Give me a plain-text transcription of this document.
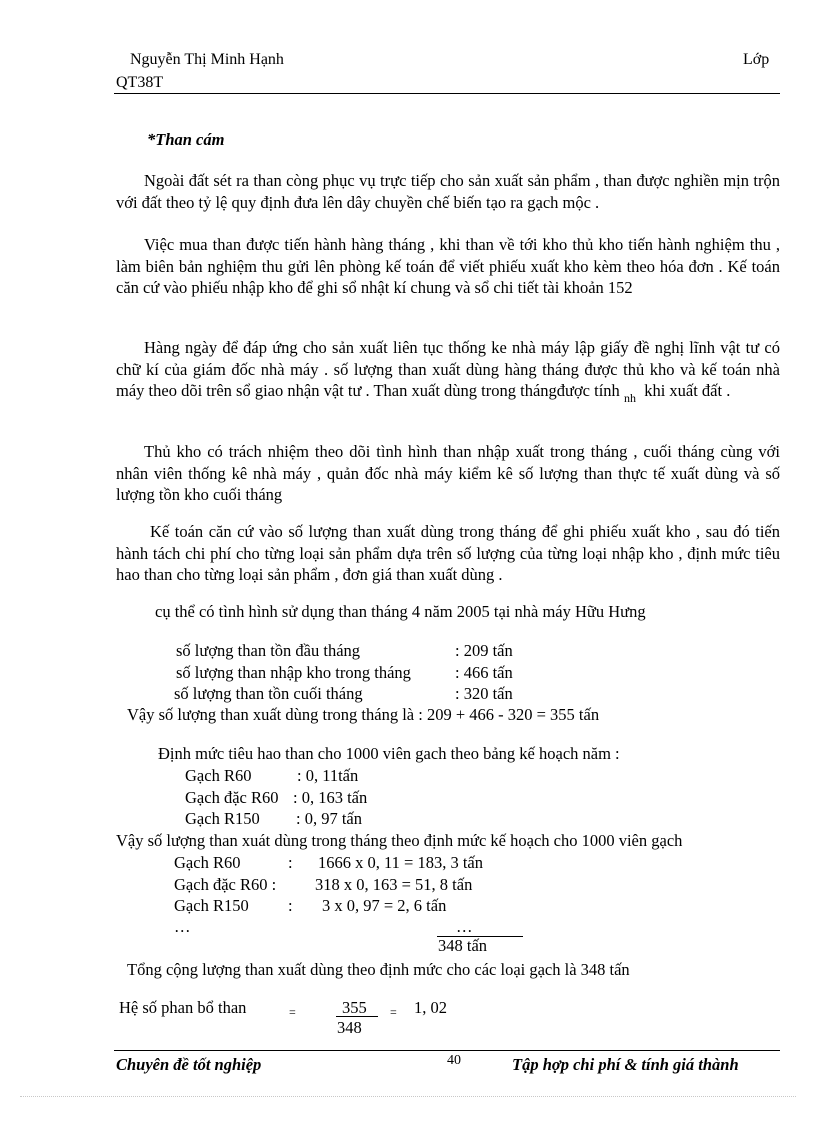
Nguyễn Thị Minh Hạnh	Lớp
QT38T
*Than cám
Ngoài đất sét ra than còng phục vụ trực tiếp cho sản xuất sản phẩm , than được nghiền mịn trộn với đất theo tỷ lệ quy định đưa lên dây chuyền chế biến tạo ra gạch mộc .
Việc mua than được tiến hành hàng tháng , khi than về tới kho thủ kho tiến hành nghiệm thu , làm biên bản nghiệm thu gửi lên phòng kế toán để viết phiếu xuất kho kèm theo hóa đơn . Kế toán căn cứ vào phiếu nhập kho để ghi sổ nhật kí chung và sổ chi tiết tài khoản 152
Hàng ngày để đáp ứng cho sản xuất liên tục thống ke nhà máy lập giấy đề nghị lĩnh vật tư có chữ kí của giám đốc nhà máy . số lượng than xuất dùng hàng tháng được thủ kho và kế toán nhà máy theo dõi trên sổ giao nhận vật tư . Than xuất dùng trong thángđược tính $_{nh}$ khi xuất đất .
Thủ kho có trách nhiệm theo dõi tình hình than nhập xuất trong tháng , cuối tháng cùng với nhân viên thống kê nhà máy , quản đốc nhà máy kiểm kê số lượng than thực tế xuất dùng và số lượng tồn kho cuối tháng
Kế toán căn cứ vào số lượng than xuất dùng trong tháng để ghi phiếu xuất kho , sau đó tiến hành tách chi phí cho từng loại sản phẩm dựa trên số lượng của từng loại nhập kho , định mức tiêu hao than cho từng loại sản phẩm , đơn giá than xuất dùng .
cụ thể có tình hình sử dụng than tháng 4 năm 2005 tại nhà máy Hữu Hưng
số lượng than tồn đầu tháng	: 209 tấn
số lượng than nhập kho trong tháng	: 466 tấn
số lượng than tồn cuối tháng	: 320 tấn
Vậy số lượng than xuất dùng trong tháng là : 209 + 466 - 320 = 355 tấn
Định mức tiêu hao than cho 1000 viên gach theo bảng kế hoạch năm :
Gạch R60	: 0, 11tấn
Gạch đặc R60 : 0, 163 tấn
Gạch R150 : 0, 97 tấn
Vậy số lượng than xuát dùng trong tháng theo định mức kế hoạch cho 1000 viên gạch
Gạch R60	: 1666 x 0, 11 = 183, 3 tấn
Gạch đặc R60 : 318 x 0, 163 = 51, 8 tấn
Gạch R150 : 3 x 0, 97 = 2, 6 tấn
…	…
348 tấn
Tổng cộng lượng than xuất dùng theo định mức cho các loại gạch là 348 tấn
Hệ số phan bổ than	=	355
348
= 1, 02
Chuyên đề tốt nghiệp	40	Tập hợp chi phí & tính giá thành
